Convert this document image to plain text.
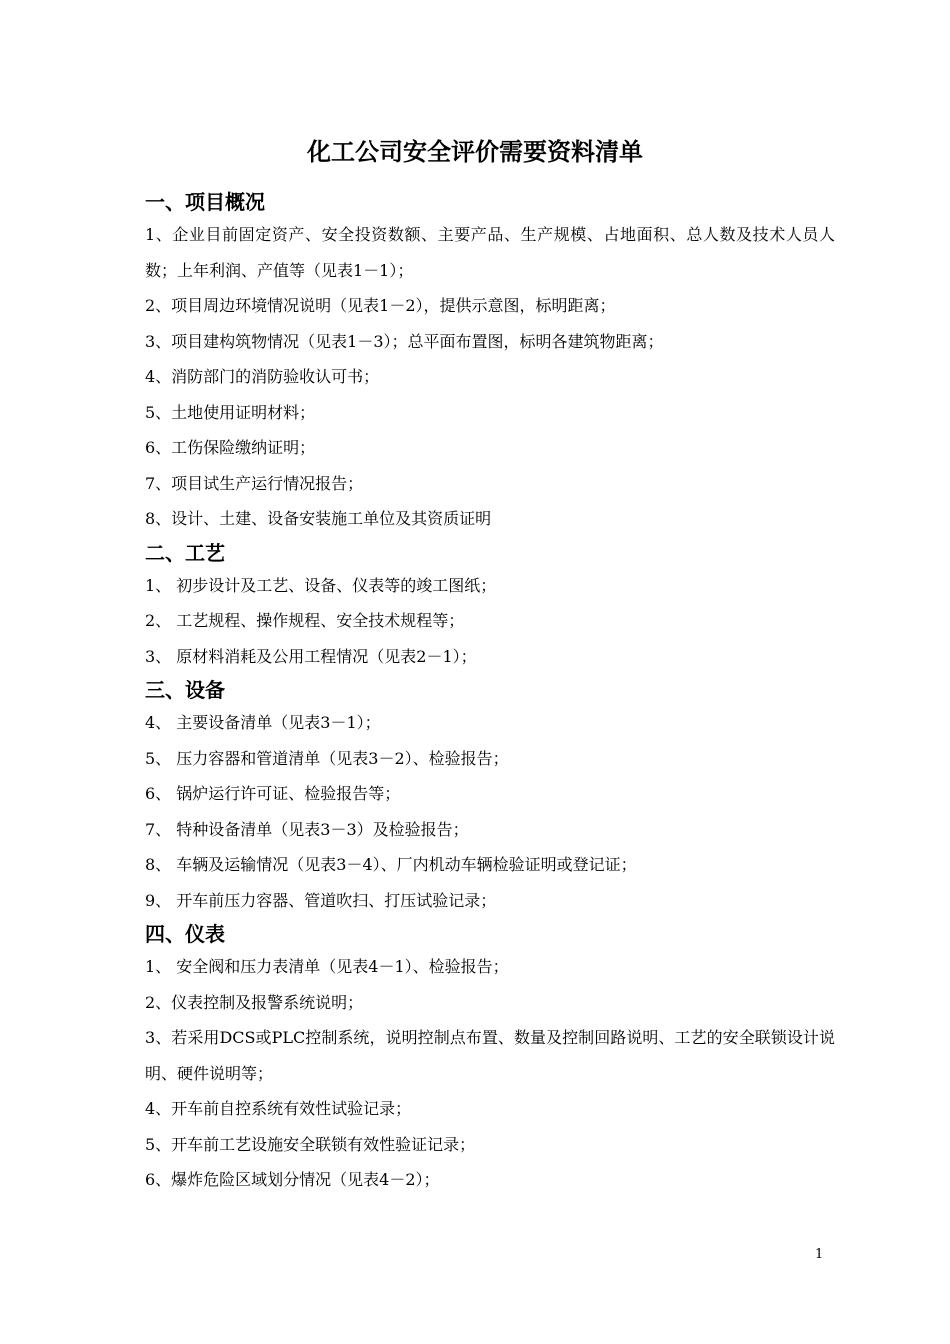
化工公司安全评价需要资料清单
一、项目概况
1、企业目前固定资产、安全投资数额、主要产品、生产规模、占地面积、总人数及技术人员人数；上年利润、产值等（见表1－1）；
2、项目周边环境情况说明（见表1－2），提供示意图，标明距离；
3、项目建构筑物情况（见表1－3）；总平面布置图，标明各建筑物距离；
4、消防部门的消防验收认可书；
5、土地使用证明材料；
6、工伤保险缴纳证明；
7、项目试生产运行情况报告；
8、设计、土建、设备安装施工单位及其资质证明
二、工艺
1、 初步设计及工艺、设备、仪表等的竣工图纸；
2、 工艺规程、操作规程、安全技术规程等；
3、 原材料消耗及公用工程情况（见表2－1）；
三、设备
4、 主要设备清单（见表3－1）；
5、 压力容器和管道清单（见表3－2）、检验报告；
6、 锅炉运行许可证、检验报告等；
7、 特种设备清单（见表3－3）及检验报告；
8、 车辆及运输情况（见表3－4）、厂内机动车辆检验证明或登记证；
9、 开车前压力容器、管道吹扫、打压试验记录；
四、仪表
1、 安全阀和压力表清单（见表4－1）、检验报告；
2、仪表控制及报警系统说明；
3、若采用DCS或PLC控制系统，说明控制点布置、数量及控制回路说明、工艺的安全联锁设计说明、硬件说明等；
4、开车前自控系统有效性试验记录；
5、开车前工艺设施安全联锁有效性验证记录；
6、爆炸危险区域划分情况（见表4－2）；
1
